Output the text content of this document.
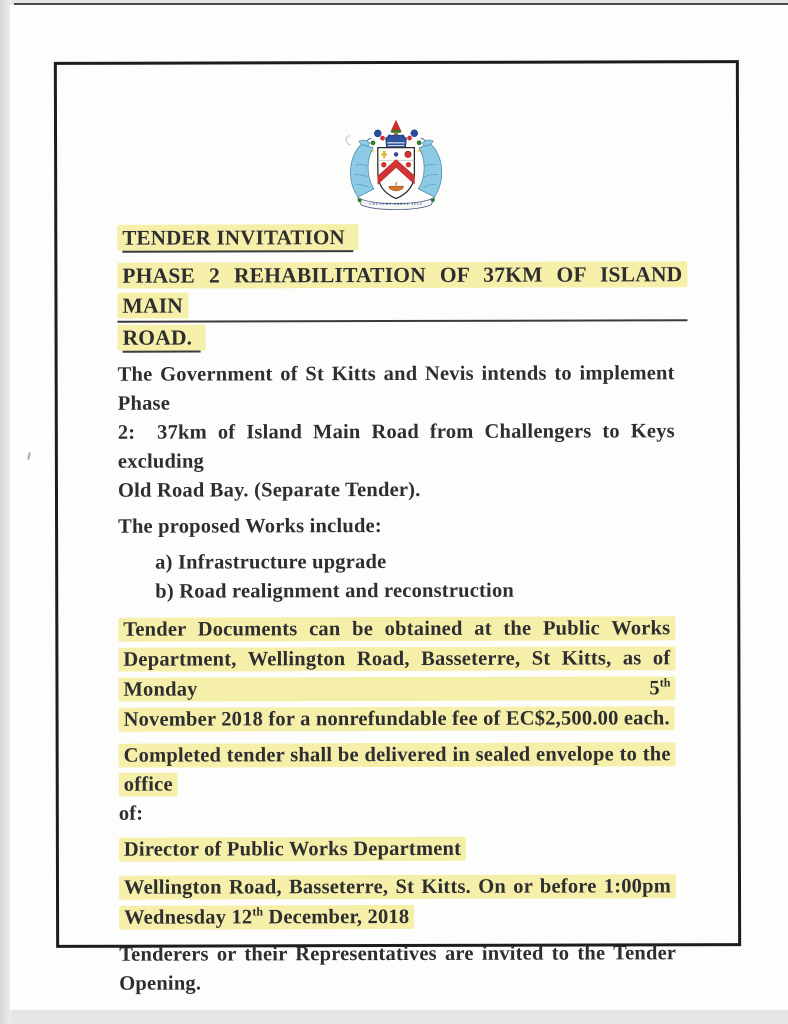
COUNTRY ABOVE SELF
TENDER INVITATION
PHASE 2 REHABILITATION OF 37KM OF ISLAND MAIN
ROAD.
The Government of St Kitts and Nevis intends to implement Phase
2:  37km of Island Main Road from Challengers to Keys excluding
Old Road Bay. (Separate Tender).
The proposed Works include:
a) Infrastructure upgrade
b) Road realignment and reconstruction
Tender Documents can be obtained at the Public Works
Department, Wellington Road, Basseterre, St Kitts, as of Monday 5th
November 2018 for a nonrefundable fee of EC$2,500.00 each.
Completed tender shall be delivered in sealed envelope to the office
of:
Director of Public Works Department
Wellington Road, Basseterre, St Kitts. On or before 1:00pm
Wednesday 12th December, 2018
Tenderers or their Representatives are invited to the Tender
Opening.
